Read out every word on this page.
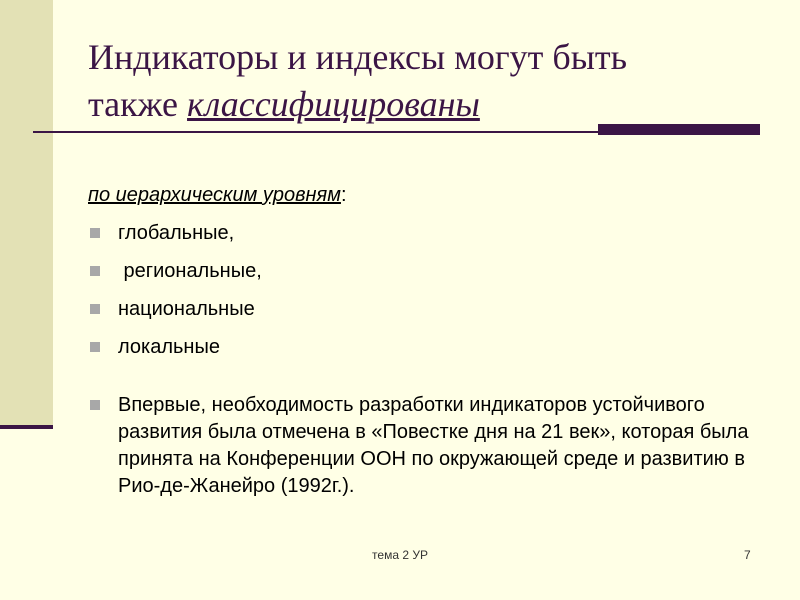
Индикаторы и индексы могут быть
также классифицированы
по иерархическим уровням:
глобальные,
региональные,
национальные
локальные
Впервые, необходимость разработки индикаторов устойчивого развития была отмечена в «Повестке дня на 21 век», которая была принята на Конференции ООН по окружающей среде и развитию в Рио-де-Жанейро (1992г.).
тема 2 УР	7
